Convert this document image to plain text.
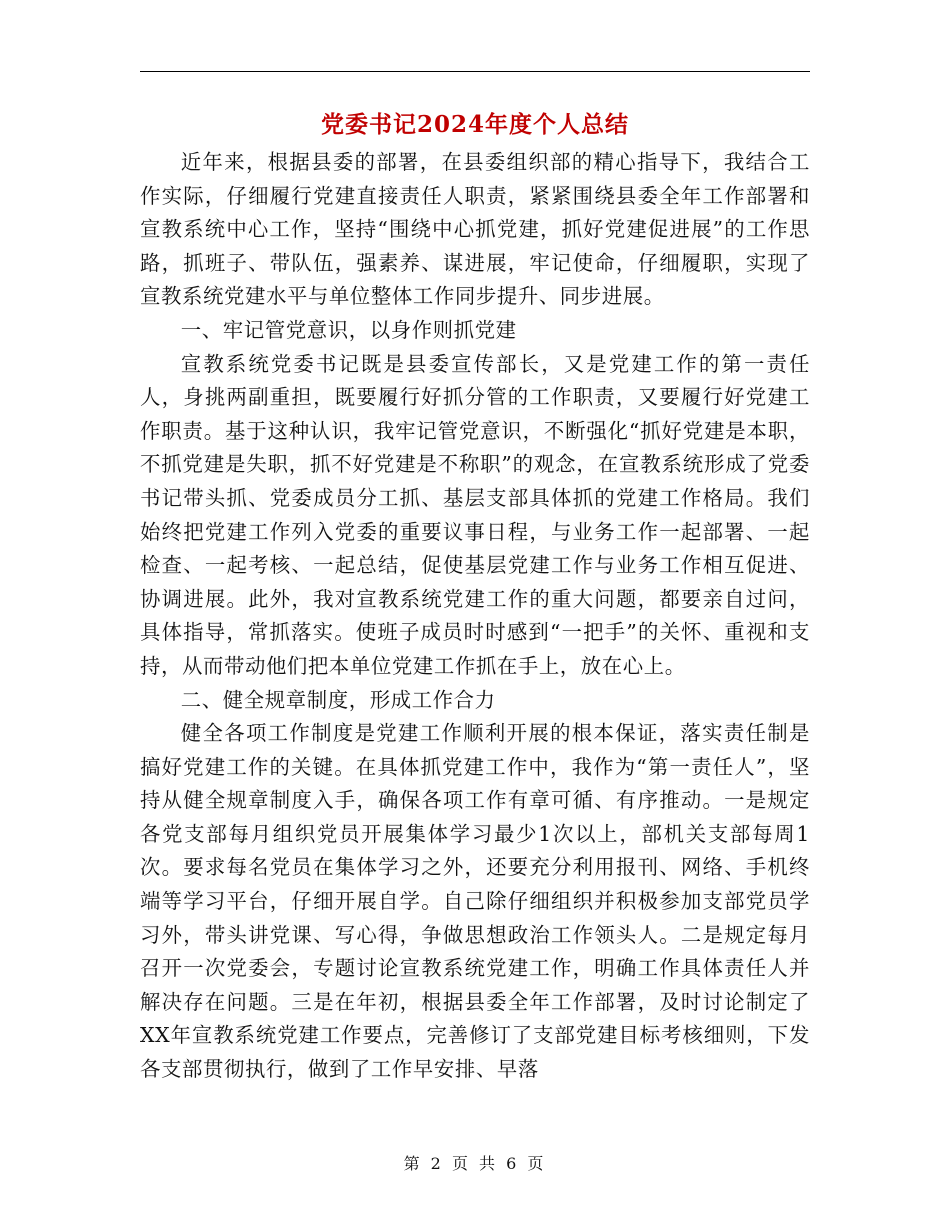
党委书记2024年度个人总结

近年来，根据县委的部署，在县委组织部的精心指导下，我结合工作实际，仔细履行党建直接责任人职责，紧紧围绕县委全年工作部署和宣教系统中心工作，坚持“围绕中心抓党建，抓好党建促进展”的工作思路，抓班子、带队伍，强素养、谋进展，牢记使命，仔细履职，实现了宣教系统党建水平与单位整体工作同步提升、同步进展。

一、牢记管党意识，以身作则抓党建

宣教系统党委书记既是县委宣传部长，又是党建工作的第一责任人，身挑两副重担，既要履行好抓分管的工作职责，又要履行好党建工作职责。基于这种认识，我牢记管党意识，不断强化“抓好党建是本职，不抓党建是失职，抓不好党建是不称职”的观念，在宣教系统形成了党委书记带头抓、党委成员分工抓、基层支部具体抓的党建工作格局。我们始终把党建工作列入党委的重要议事日程，与业务工作一起部署、一起检查、一起考核、一起总结，促使基层党建工作与业务工作相互促进、协调进展。此外，我对宣教系统党建工作的重大问题，都要亲自过问，具体指导，常抓落实。使班子成员时时感到“一把手”的关怀、重视和支持，从而带动他们把本单位党建工作抓在手上，放在心上。

二、健全规章制度，形成工作合力

健全各项工作制度是党建工作顺利开展的根本保证，落实责任制是搞好党建工作的关键。在具体抓党建工作中，我作为“第一责任人”，坚持从健全规章制度入手，确保各项工作有章可循、有序推动。一是规定各党支部每月组织党员开展集体学习最少1次以上，部机关支部每周1次。要求每名党员在集体学习之外，还要充分利用报刊、网络、手机终端等学习平台，仔细开展自学。自己除仔细组织并积极参加支部党员学习外，带头讲党课、写心得，争做思想政治工作领头人。二是规定每月召开一次党委会，专题讨论宣教系统党建工作，明确工作具体责任人并解决存在问题。三是在年初，根据县委全年工作部署，及时讨论制定了XX年宣教系统党建工作要点，完善修订了支部党建目标考核细则，下发各支部贯彻执行，做到了工作早安排、早落

第 2 页 共 6 页
